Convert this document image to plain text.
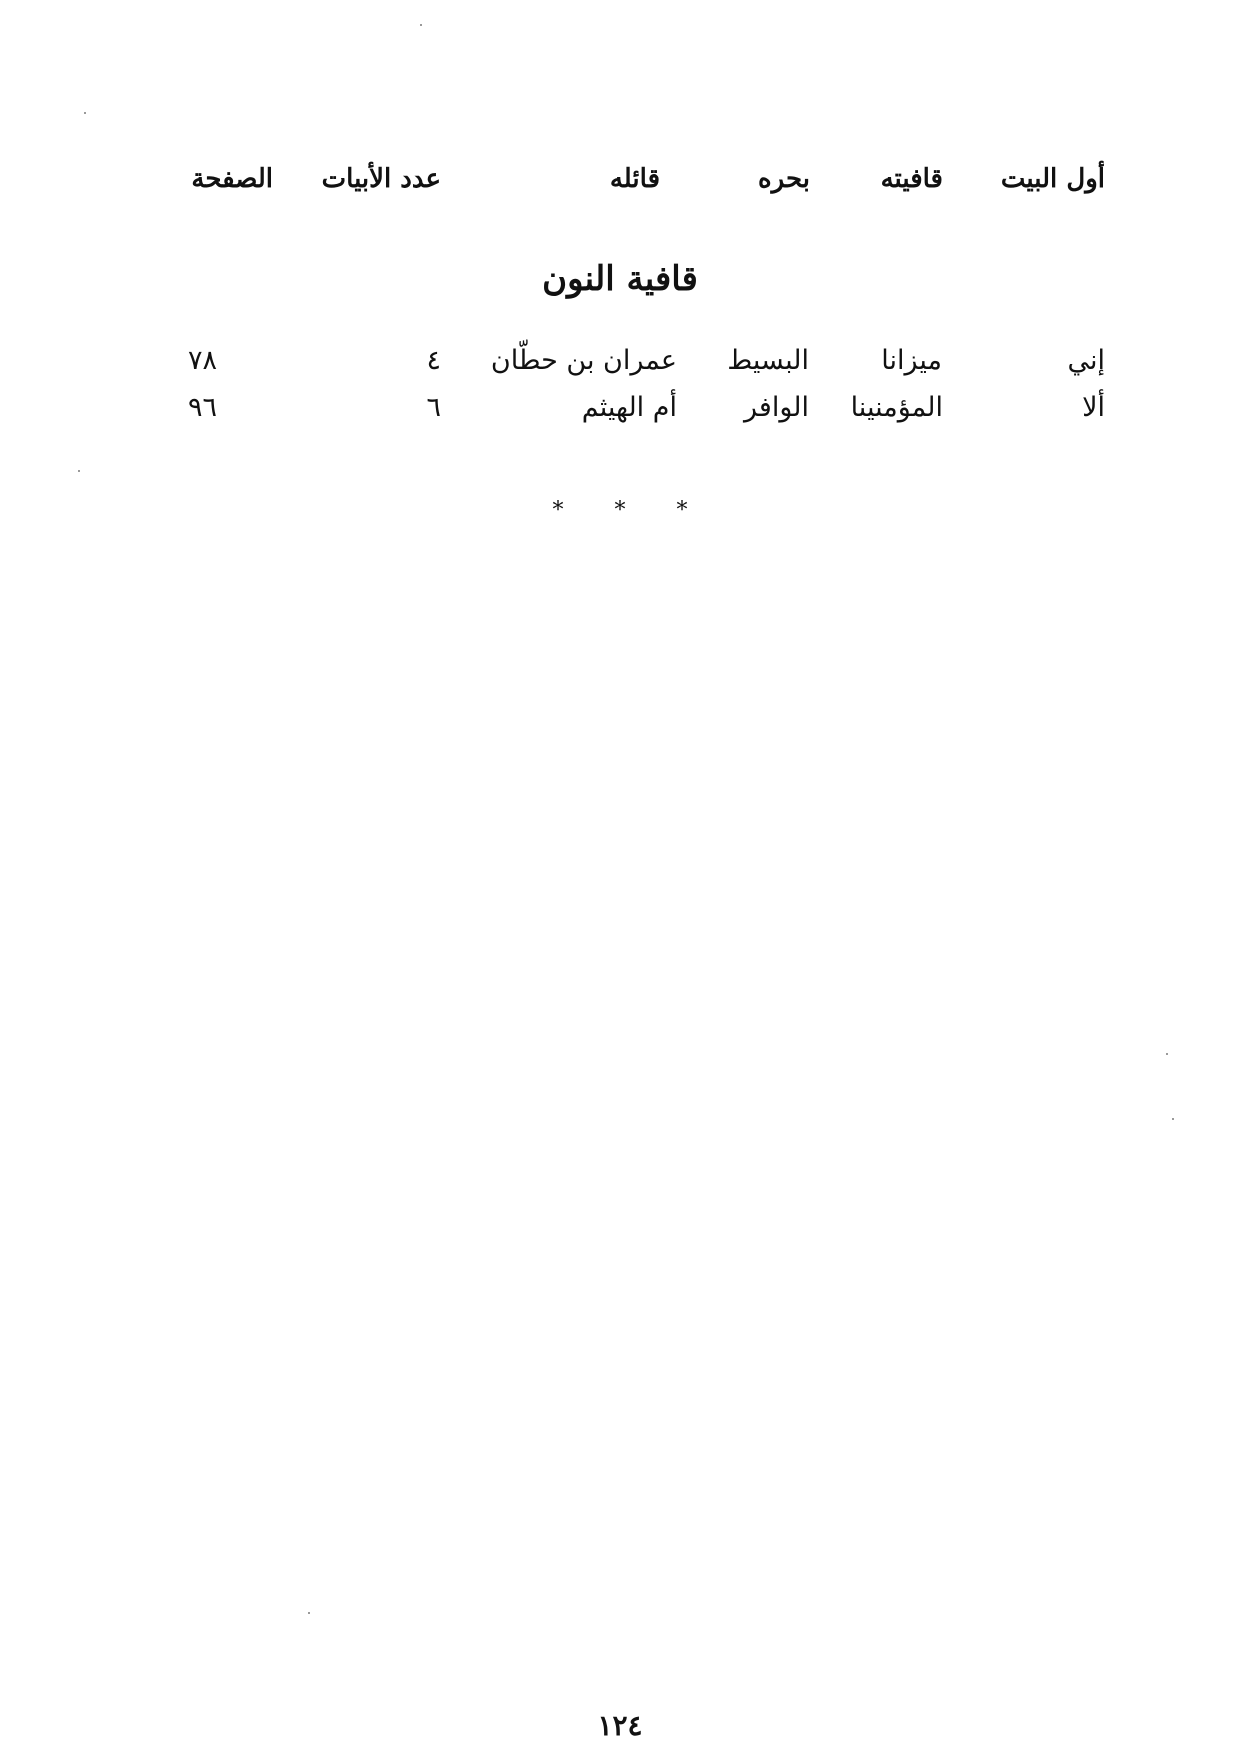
أول البيت
قافيته
بحره
قائله
عدد الأبيات
الصفحة
قافية النون
إني
ميزانا
البسيط
عمران بن حطّان
٤
٧٨
ألا
المؤمنينا
الوافر
أم الهيثم
٦
٩٦
* * *
١٢٤
